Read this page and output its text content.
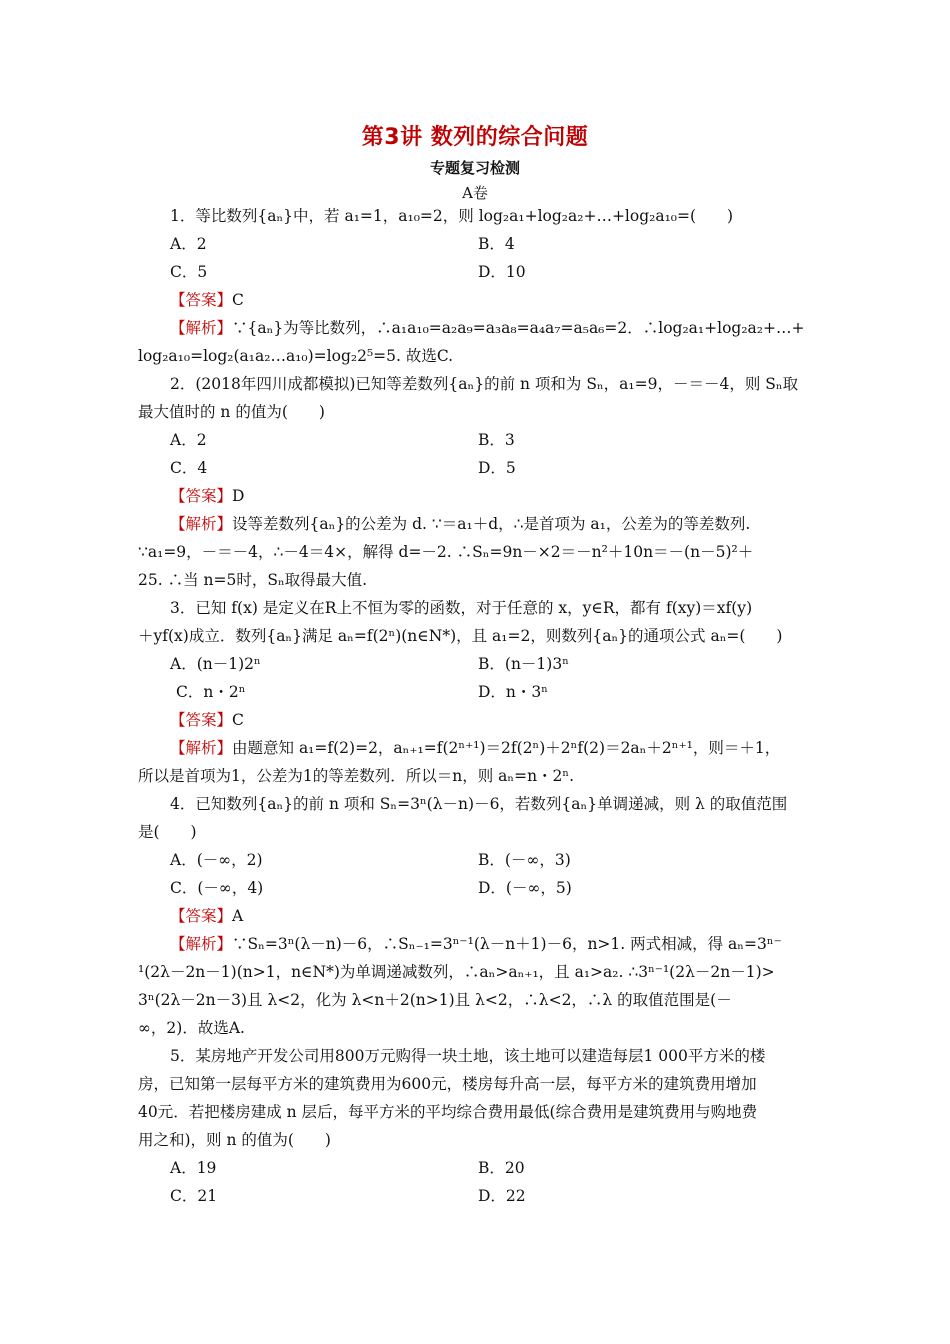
第3讲 数列的综合问题
专题复习检测
A卷
1．等比数列{aₙ}中，若 a₁=1，a₁₀=2，则 log₂a₁+log₂a₂+…+log₂a₁₀=(　　)
A．2	B．4
C．5	D．10
【答案】C
【解析】∵{aₙ}为等比数列，∴a₁a₁₀=a₂a₉=a₃a₈=a₄a₇=a₅a₆=2．∴log₂a₁+log₂a₂+…+
log₂a₁₀=log₂(a₁a₂…a₁₀)=log₂2⁵=5. 故选C.
2．(2018年四川成都模拟)已知等差数列{aₙ}的前 n 项和为 Sₙ，a₁=9，－＝－4，则 Sₙ取
最大值时的 n 的值为(　　)
A．2	B．3
C．4	D．5
【答案】D
【解析】设等差数列{aₙ}的公差为 d. ∵＝a₁＋d，∴是首项为 a₁，公差为的等差数列.
∵a₁=9，－＝－4，∴－4＝4×，解得 d=－2. ∴Sₙ=9n－×2＝－n²＋10n＝－(n－5)²＋
25. ∴当 n=5时，Sₙ取得最大值.
3．已知 f(x) 是定义在R上不恒为零的函数，对于任意的 x，y∈R，都有 f(xy)＝xf(y)
＋yf(x)成立．数列{aₙ}满足 aₙ=f(2ⁿ)(n∈N*)，且 a₁=2，则数列{aₙ}的通项公式 aₙ=(　　)
A．(n－1)2ⁿ	B．(n－1)3ⁿ
C．n・2ⁿ	D．n・3ⁿ
【答案】C
【解析】由题意知 a₁=f(2)=2，aₙ₊₁=f(2ⁿ⁺¹)＝2f(2ⁿ)＋2ⁿf(2)＝2aₙ＋2ⁿ⁺¹，则＝＋1，
所以是首项为1，公差为1的等差数列．所以＝n，则 aₙ=n・2ⁿ.
4．已知数列{aₙ}的前 n 项和 Sₙ=3ⁿ(λ－n)－6，若数列{aₙ}单调递减，则 λ 的取值范围
是(　　)
A．(－∞，2)	B．(－∞，3)
C．(－∞，4)	D．(－∞，5)
【答案】A
【解析】∵Sₙ=3ⁿ(λ－n)－6，∴Sₙ₋₁=3ⁿ⁻¹(λ－n＋1)－6，n>1. 两式相减，得 aₙ=3ⁿ⁻
¹(2λ－2n－1)(n>1，n∈N*)为单调递减数列，∴aₙ>aₙ₊₁，且 a₁>a₂. ∴3ⁿ⁻¹(2λ－2n－1)>
3ⁿ(2λ－2n－3)且 λ<2，化为 λ<n＋2(n>1)且 λ<2，∴λ<2，∴λ 的取值范围是(－
∞，2)．故选A.
5．某房地产开发公司用800万元购得一块土地，该土地可以建造每层1 000平方米的楼
房，已知第一层每平方米的建筑费用为600元，楼房每升高一层，每平方米的建筑费用增加
40元．若把楼房建成 n 层后，每平方米的平均综合费用最低(综合费用是建筑费用与购地费
用之和)，则 n 的值为(　　)
A．19	B．20
C．21	D．22
